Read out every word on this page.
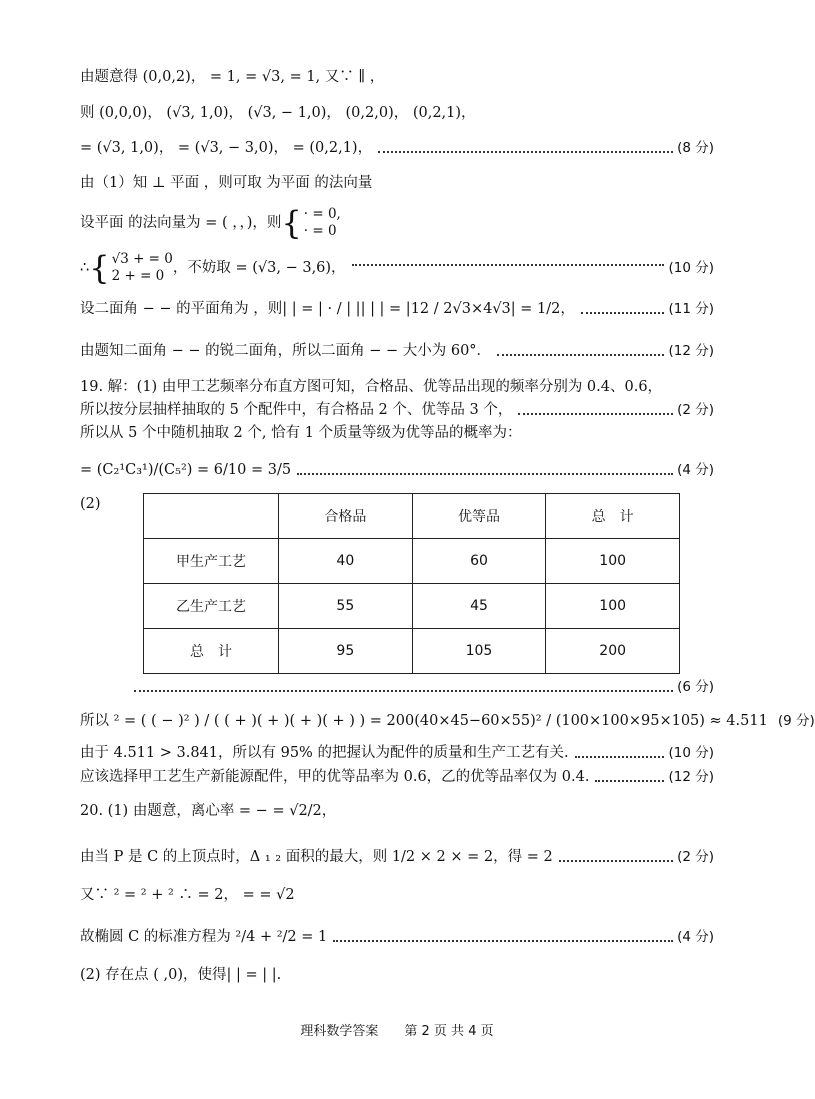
由题意得 (0,0,2)， = 1, = √3, = 1, 又∵ ∥ ，
则 (0,0,0)， (√3, 1,0)， (√3, − 1,0)， (0,2,0)， (0,2,1)，
= (√3, 1,0)， = (√3, − 3,0)， = (0,2,1)，	(8 分)
由（1）知 ⊥ 平面 ，则可取 为平面 的法向量
设平面 的法向量为 = ( ，，)，则 { · = 0,
· = 0
∴ { √3 + = 0
2 + = 0 ，不妨取 = (√3, − 3,6)，	(10 分)
设二面角 − − 的平面角为 ，则| | = | · / | || | | = |12 / 2√3×4√3| = 1/2，	(11 分)
由题知二面角 − − 的锐二面角，所以二面角 − − 大小为 60°．	(12 分)
19. 解：(1) 由甲工艺频率分布直方图可知，合格品、优等品出现的频率分别为 0.4、0.6，
所以按分层抽样抽取的 5 个配件中，有合格品 2 个、优等品 3 个，	(2 分)
所以从 5 个中随机抽取 2 个, 恰有 1 个质量等级为优等品的概率为：
= (C₂¹C₃¹)/(C₅²) = 6/10 = 3/5	(4 分)
(2)
(6 分)
所以 ² = ( ( − )² ) / ( ( + )( + )( + )( + ) ) = 200(40×45−60×55)² / (100×100×95×105) ≈ 4.511 (9 分)
由于 4.511 > 3.841，所以有 95% 的把握认为配件的质量和生产工艺有关.	(10 分)
应该选择甲工艺生产新能源配件，甲的优等品率为 0.6，乙的优等品率仅为 0.4.	(12 分)
20. (1) 由题意，离心率 = − = √2/2，
由当 P 是 C 的上顶点时，Δ ₁ ₂ 面积的最大，则 1/2 × 2 × = 2，得 = 2	(2 分)
又∵ ² = ² + ² ∴ = 2， = = √2
故椭圆 C 的标准方程为 ²/4 + ²/2 = 1	(4 分)
(2) 存在点 ( ,0)，使得| | = | |.
	合格品	优等品	总　计
甲生产工艺	40	60	100
乙生产工艺	55	45	100
总　计	95	105	200
理科数学答案　　第 2 页 共 4 页
